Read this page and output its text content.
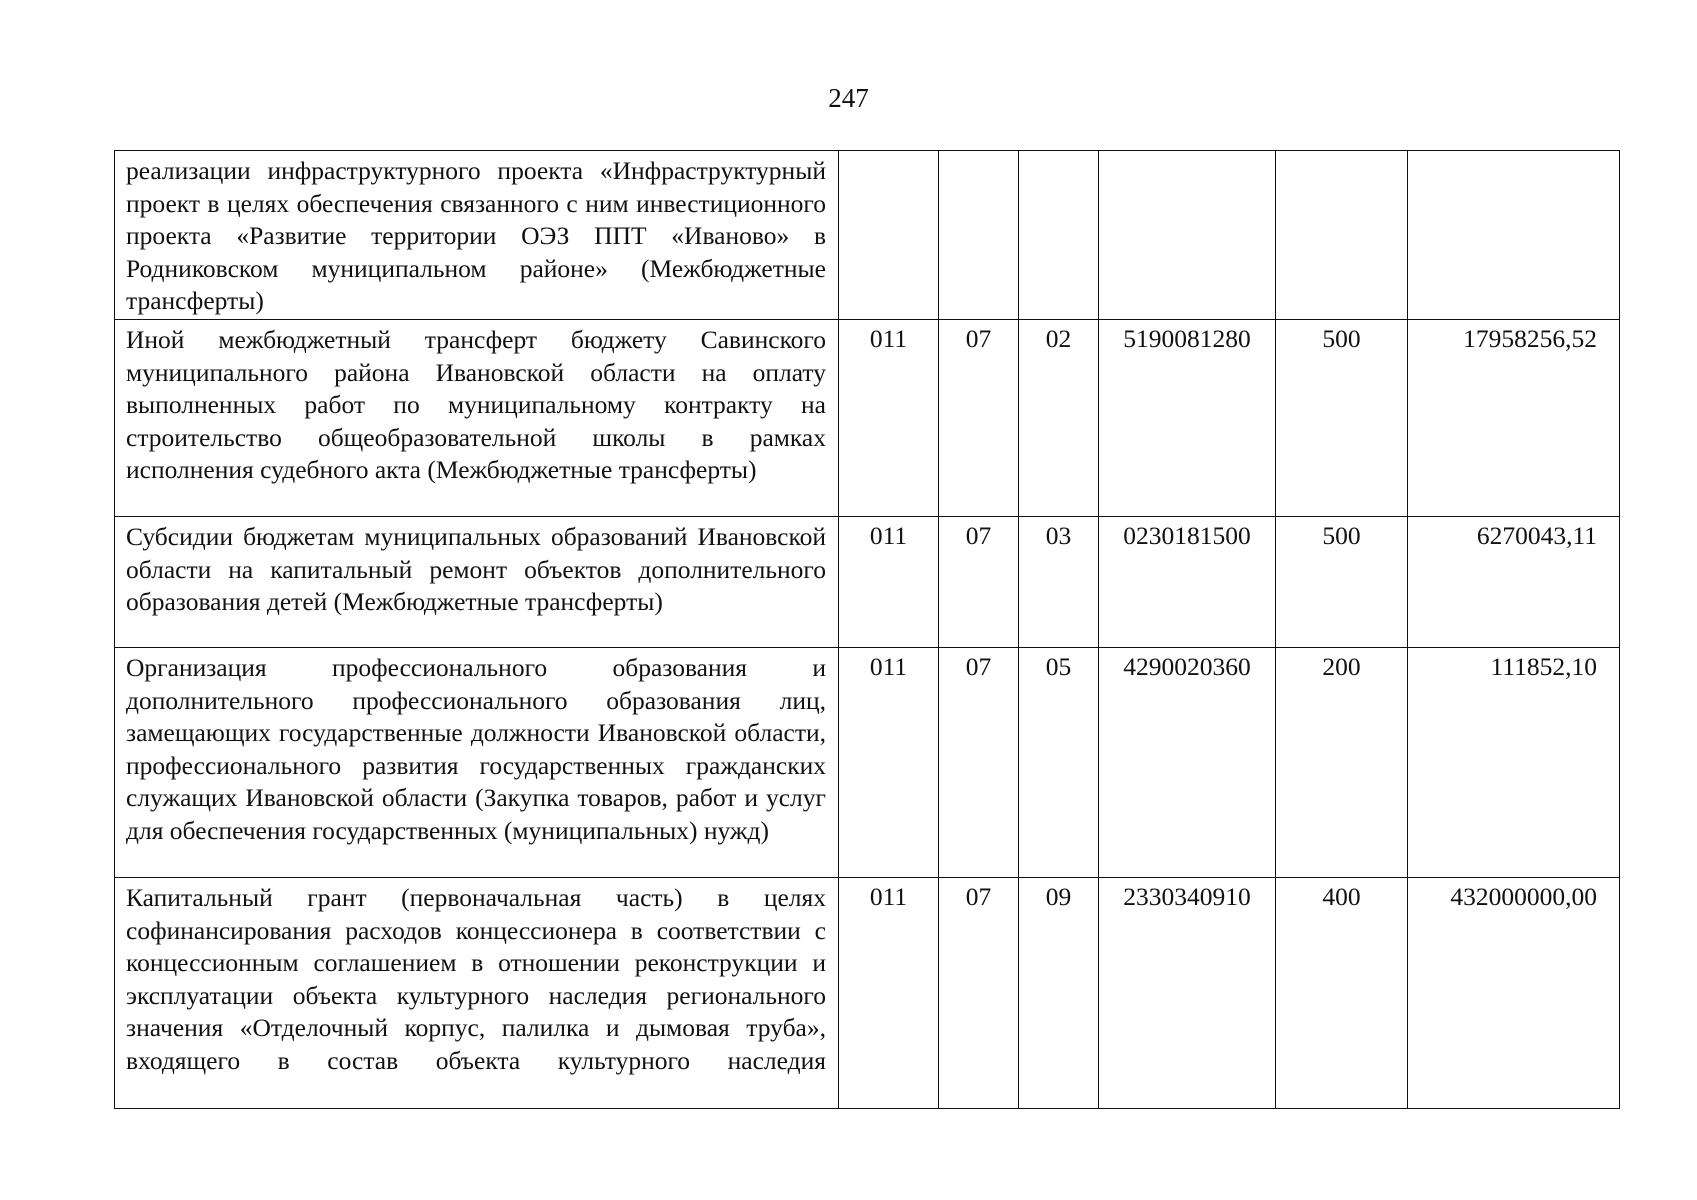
247
реализации инфраструктурного проекта «Инфраструктурный проект в целях обеспечения связанного с ним инвестиционного проекта «Развитие территории ОЭЗ ППТ «Иваново» в Родниковском муниципальном районе» (Межбюджетные трансферты)						
Иной межбюджетный трансферт бюджету Савинского муниципального района Ивановской области на оплату выполненных работ по муниципальному контракту на строительство общеобразовательной школы в рамках исполнения судебного акта (Межбюджетные трансферты)	011	07	02	5190081280	500	17958256,52
Субсидии бюджетам муниципальных образований Ивановской области на капитальный ремонт объектов дополнительного образования детей (Межбюджетные трансферты)	011	07	03	0230181500	500	6270043,11
Организация профессионального образования и дополнительного профессионального образования лиц, замещающих государственные должности Ивановской области, профессионального развития государственных гражданских служащих Ивановской области (Закупка товаров, работ и услуг для обеспечения государственных (муниципальных) нужд)	011	07	05	4290020360	200	111852,10
Капитальный грант (первоначальная часть) в целях софинансирования расходов концессионера в соответствии с концессионным соглашением в отношении реконструкции и эксплуатации объекта культурного наследия регионального значения «Отделочный корпус, палилка и дымовая труба», входящего в состав объекта культурного наследия	011	07	09	2330340910	400	432000000,00
